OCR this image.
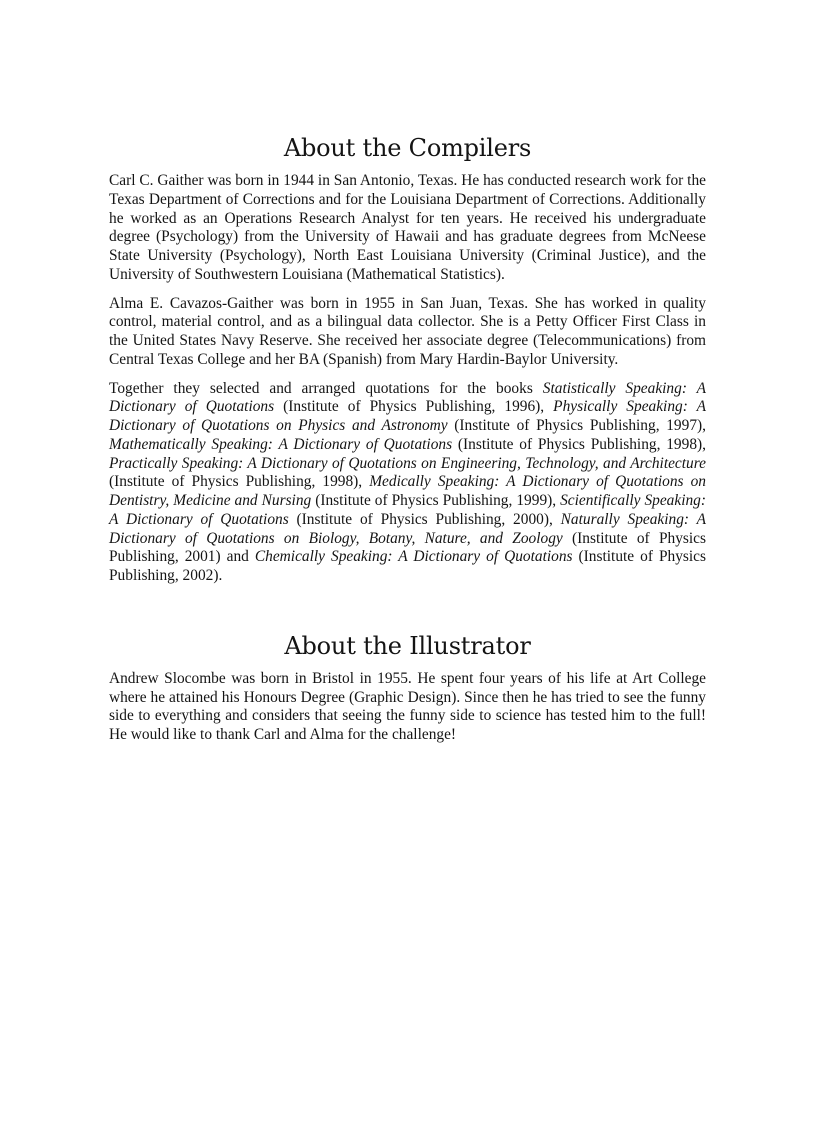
About the Compilers

Carl C. Gaither was born in 1944 in San Antonio, Texas. He has conducted research work for the Texas Department of Corrections and for the Louisiana Department of Corrections. Additionally he worked as an Operations Research Analyst for ten years. He received his undergraduate degree (Psychology) from the University of Hawaii and has graduate degrees from McNeese State University (Psychology), North East Louisiana University (Criminal Justice), and the University of Southwestern Louisiana (Mathematical Statistics).

Alma E. Cavazos-Gaither was born in 1955 in San Juan, Texas. She has worked in quality control, material control, and as a bilingual data collector. She is a Petty Officer First Class in the United States Navy Reserve. She received her associate degree (Telecommunications) from Central Texas College and her BA (Spanish) from Mary Hardin-Baylor University.

Together they selected and arranged quotations for the books Statistically Speaking: A Dictionary of Quotations (Institute of Physics Publishing, 1996), Physically Speaking: A Dictionary of Quotations on Physics and Astronomy (Institute of Physics Publishing, 1997), Mathematically Speaking: A Dictionary of Quotations (Institute of Physics Publishing, 1998), Practically Speaking: A Dictionary of Quotations on Engineering, Technology, and Architecture (Institute of Physics Publishing, 1998), Medically Speaking: A Dictionary of Quotations on Dentistry, Medicine and Nursing (Institute of Physics Publishing, 1999), Scientifically Speaking: A Dictionary of Quotations (Institute of Physics Publishing, 2000), Naturally Speaking: A Dictionary of Quotations on Biology, Botany, Nature, and Zoology (Institute of Physics Publishing, 2001) and Chemically Speaking: A Dictionary of Quotations (Institute of Physics Publishing, 2002).

About the Illustrator

Andrew Slocombe was born in Bristol in 1955. He spent four years of his life at Art College where he attained his Honours Degree (Graphic Design). Since then he has tried to see the funny side to everything and considers that seeing the funny side to science has tested him to the full! He would like to thank Carl and Alma for the challenge!
